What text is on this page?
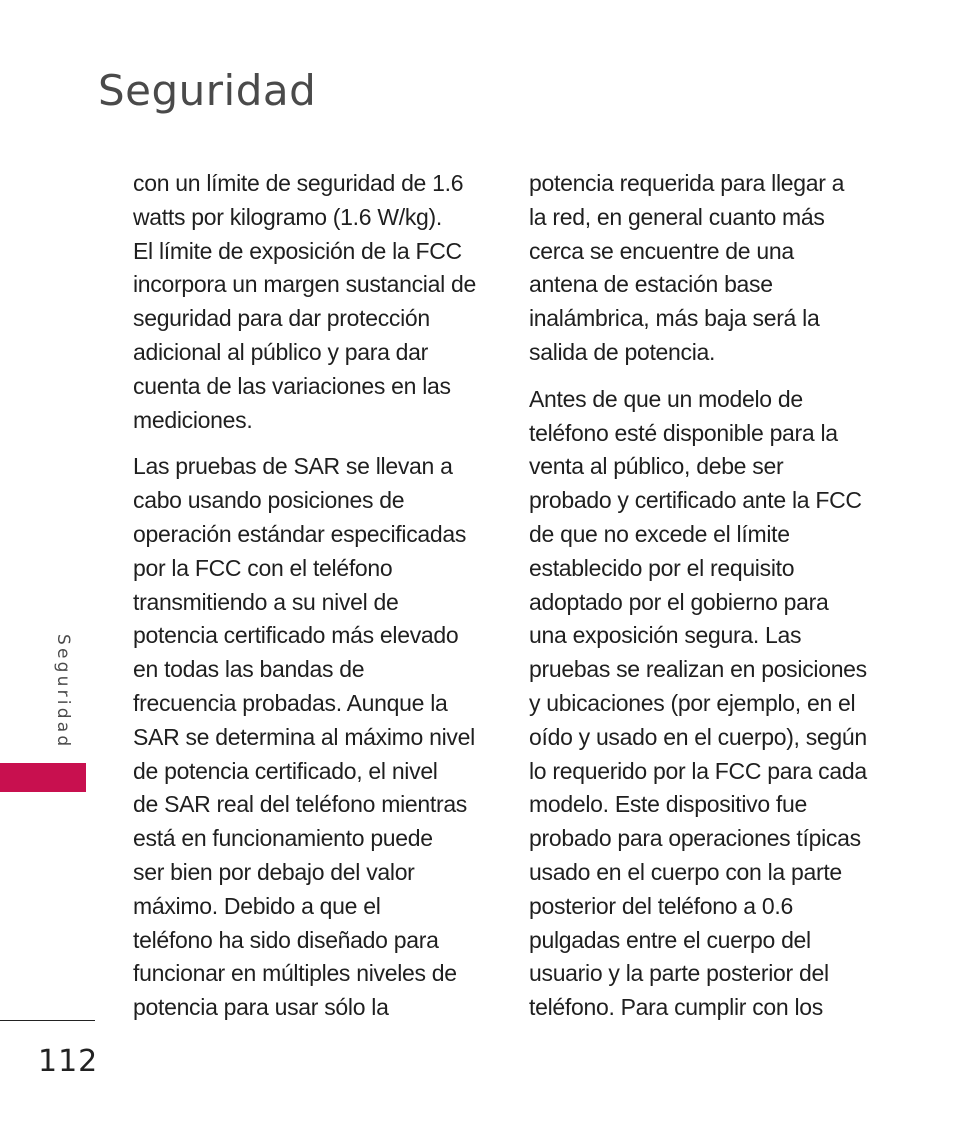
Seguridad

con un límite de seguridad de 1.6
watts por kilogramo (1.6 W/kg).
El límite de exposición de la FCC
incorpora un margen sustancial de
seguridad para dar protección
adicional al público y para dar
cuenta de las variaciones en las
mediciones.

Las pruebas de SAR se llevan a
cabo usando posiciones de
operación estándar especificadas
por la FCC con el teléfono
transmitiendo a su nivel de
potencia certificado más elevado
en todas las bandas de
frecuencia probadas. Aunque la
SAR se determina al máximo nivel
de potencia certificado, el nivel
de SAR real del teléfono mientras
está en funcionamiento puede
ser bien por debajo del valor
máximo. Debido a que el
teléfono ha sido diseñado para
funcionar en múltiples niveles de
potencia para usar sólo la

potencia requerida para llegar a
la red, en general cuanto más
cerca se encuentre de una
antena de estación base
inalámbrica, más baja será la
salida de potencia.

Antes de que un modelo de
teléfono esté disponible para la
venta al público, debe ser
probado y certificado ante la FCC
de que no excede el límite
establecido por el requisito
adoptado por el gobierno para
una exposición segura. Las
pruebas se realizan en posiciones
y ubicaciones (por ejemplo, en el
oído y usado en el cuerpo), según
lo requerido por la FCC para cada
modelo. Este dispositivo fue
probado para operaciones típicas
usado en el cuerpo con la parte
posterior del teléfono a 0.6
pulgadas entre el cuerpo del
usuario y la parte posterior del
teléfono. Para cumplir con los

Seguridad
112
